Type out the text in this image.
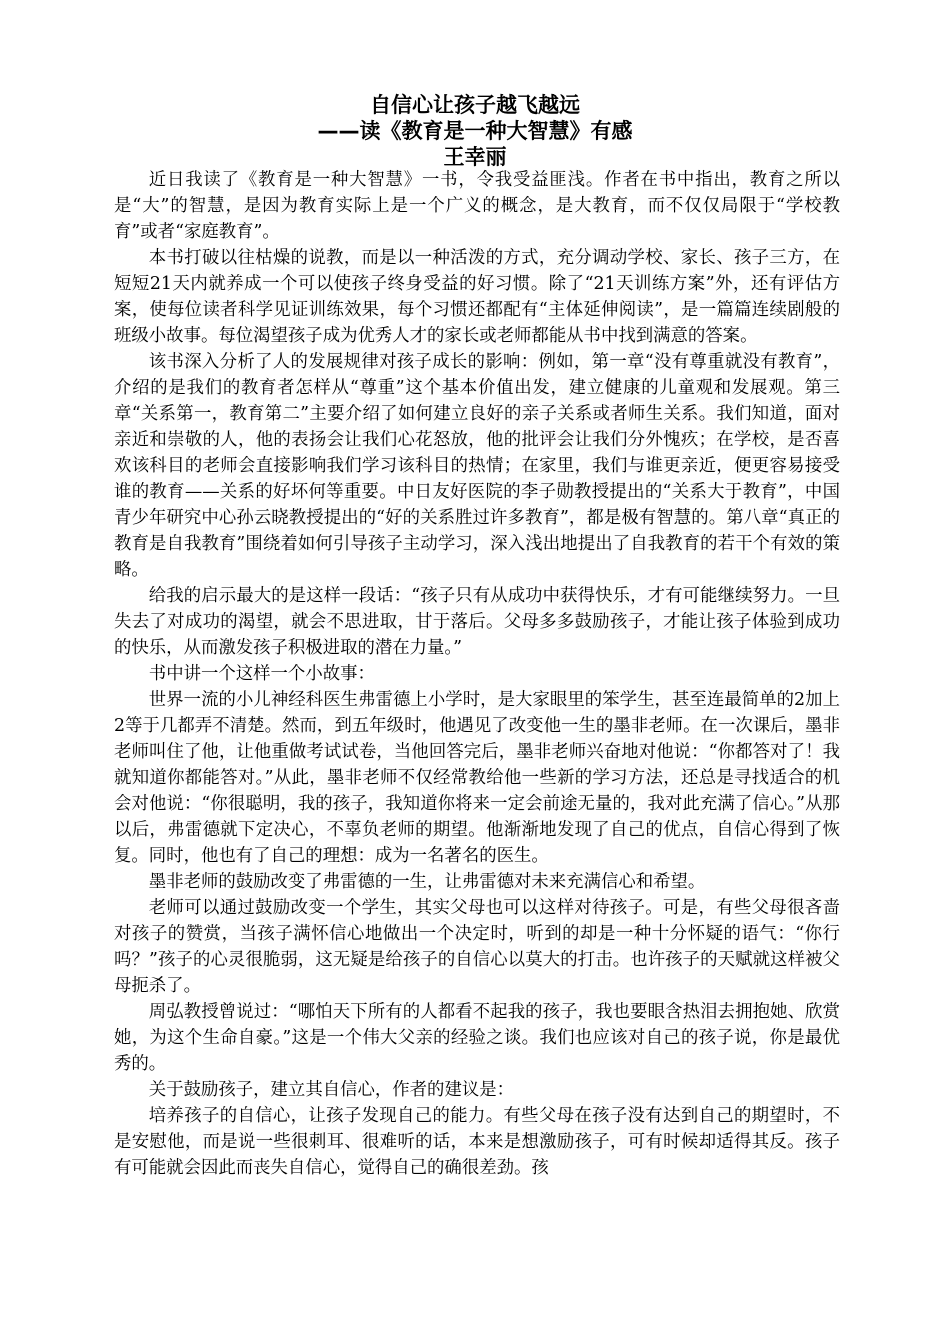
自信心让孩子越飞越远
——读《教育是一种大智慧》有感
王幸丽

近日我读了《教育是一种大智慧》一书，令我受益匪浅。作者在书中指出，教育之所以是“大”的智慧，是因为教育实际上是一个广义的概念，是大教育，而不仅仅局限于“学校教育”或者“家庭教育”。

本书打破以往枯燥的说教，而是以一种活泼的方式，充分调动学校、家长、孩子三方，在短短21天内就养成一个可以使孩子终身受益的好习惯。除了“21天训练方案”外，还有评估方案，使每位读者科学见证训练效果，每个习惯还都配有“主体延伸阅读”，是一篇篇连续剧般的班级小故事。每位渴望孩子成为优秀人才的家长或老师都能从书中找到满意的答案。

该书深入分析了人的发展规律对孩子成长的影响：例如，第一章“没有尊重就没有教育”，介绍的是我们的教育者怎样从“尊重”这个基本价值出发，建立健康的儿童观和发展观。第三章“关系第一，教育第二”主要介绍了如何建立良好的亲子关系或者师生关系。我们知道，面对亲近和崇敬的人，他的表扬会让我们心花怒放，他的批评会让我们分外愧疚；在学校，是否喜欢该科目的老师会直接影响我们学习该科目的热情；在家里，我们与谁更亲近，便更容易接受谁的教育——关系的好坏何等重要。中日友好医院的李子勋教授提出的“关系大于教育”，中国青少年研究中心孙云晓教授提出的“好的关系胜过许多教育”，都是极有智慧的。第八章“真正的教育是自我教育”围绕着如何引导孩子主动学习，深入浅出地提出了自我教育的若干个有效的策略。

给我的启示最大的是这样一段话：“孩子只有从成功中获得快乐，才有可能继续努力。一旦失去了对成功的渴望，就会不思进取，甘于落后。父母多多鼓励孩子，才能让孩子体验到成功的快乐，从而激发孩子积极进取的潜在力量。”

书中讲一个这样一个小故事：

世界一流的小儿神经科医生弗雷德上小学时，是大家眼里的笨学生，甚至连最简单的2加上2等于几都弄不清楚。然而，到五年级时，他遇见了改变他一生的墨非老师。在一次课后，墨非老师叫住了他，让他重做考试试卷，当他回答完后，墨非老师兴奋地对他说：“你都答对了！我就知道你都能答对。”从此，墨非老师不仅经常教给他一些新的学习方法，还总是寻找适合的机会对他说：“你很聪明，我的孩子，我知道你将来一定会前途无量的，我对此充满了信心。”从那以后，弗雷德就下定决心，不辜负老师的期望。他渐渐地发现了自己的优点，自信心得到了恢复。同时，他也有了自己的理想：成为一名著名的医生。

墨非老师的鼓励改变了弗雷德的一生，让弗雷德对未来充满信心和希望。

老师可以通过鼓励改变一个学生，其实父母也可以这样对待孩子。可是，有些父母很吝啬对孩子的赞赏，当孩子满怀信心地做出一个决定时，听到的却是一种十分怀疑的语气：“你行吗？”孩子的心灵很脆弱，这无疑是给孩子的自信心以莫大的打击。也许孩子的天赋就这样被父母扼杀了。

周弘教授曾说过：“哪怕天下所有的人都看不起我的孩子，我也要眼含热泪去拥抱她、欣赏她，为这个生命自豪。”这是一个伟大父亲的经验之谈。我们也应该对自己的孩子说，你是最优秀的。

关于鼓励孩子，建立其自信心，作者的建议是：

培养孩子的自信心，让孩子发现自己的能力。有些父母在孩子没有达到自己的期望时，不是安慰他，而是说一些很刺耳、很难听的话，本来是想激励孩子，可有时候却适得其反。孩子有可能就会因此而丧失自信心，觉得自己的确很差劲。孩
